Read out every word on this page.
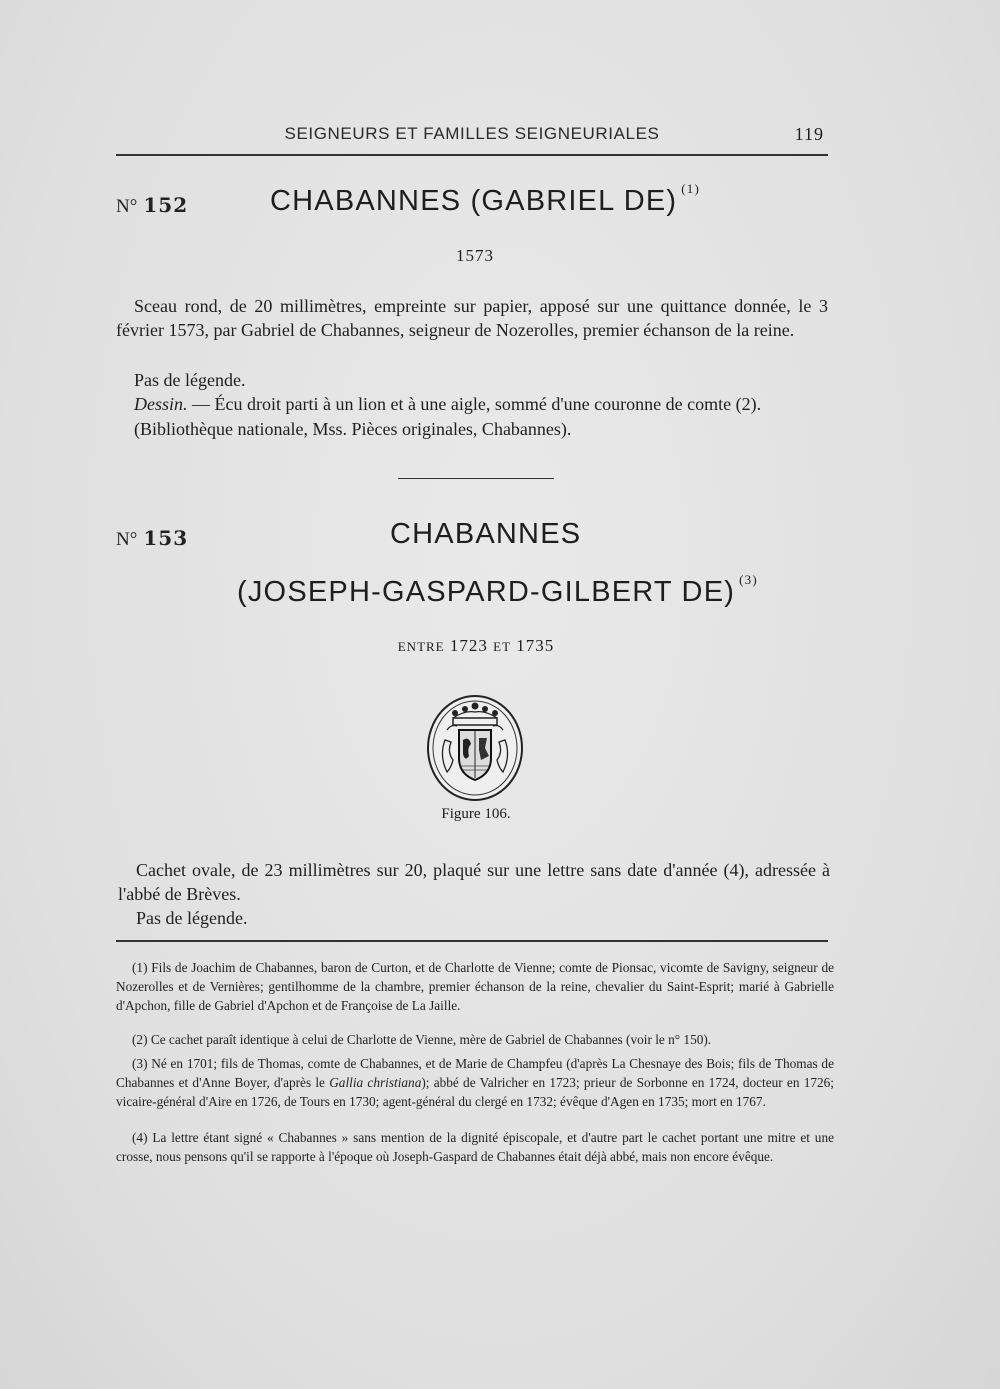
SEIGNEURS ET FAMILLES SEIGNEURIALES	119
N° 152	CHABANNES (GABRIEL DE) $^{(1)}$
1573
Sceau rond, de 20 millimètres, empreinte sur papier, apposé sur une quittance donnée, le 3 février 1573, par Gabriel de Chabannes, seigneur de Nozerolles, premier échanson de la reine.
Pas de légende.
Dessin. — Écu droit parti à un lion et à une aigle, sommé d'une couronne de comte (2).
(Bibliothèque nationale, Mss. Pièces originales, Chabannes).
N° 153	CHABANNES
(JOSEPH-GASPARD-GILBERT DE) $^{(3)}$
ENTRE 1723 ET 1735
Figure 106.
Cachet ovale, de 23 millimètres sur 20, plaqué sur une lettre sans date d'année (4), adressée à l'abbé de Brèves.
Pas de légende.
(1) Fils de Joachim de Chabannes, baron de Curton, et de Charlotte de Vienne; comte de Pionsac, vicomte de Savigny, seigneur de Nozerolles et de Vernières; gentilhomme de la chambre, premier échanson de la reine, chevalier du Saint-Esprit; marié à Gabrielle d'Apchon, fille de Gabriel d'Apchon et de Françoise de La Jaille.
(2) Ce cachet paraît identique à celui de Charlotte de Vienne, mère de Gabriel de Chabannes (voir le n° 150).
(3) Né en 1701; fils de Thomas, comte de Chabannes, et de Marie de Champfeu (d'après La Chesnaye des Bois; fils de Thomas de Chabannes et d'Anne Boyer, d'après le Gallia christiana); abbé de Valricher en 1723; prieur de Sorbonne en 1724, docteur en 1726; vicaire-général d'Aire en 1726, de Tours en 1730; agent-général du clergé en 1732; évêque d'Agen en 1735; mort en 1767.
(4) La lettre étant signé « Chabannes » sans mention de la dignité épiscopale, et d'autre part le cachet portant une mitre et une crosse, nous pensons qu'il se rapporte à l'époque où Joseph-Gaspard de Chabannes était déjà abbé, mais non encore évêque.
